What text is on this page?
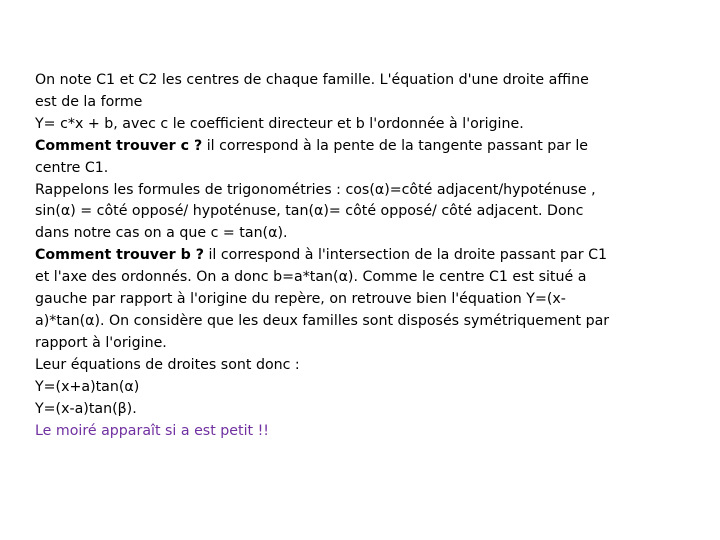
On note C1 et C2 les centres de chaque famille. L'équation d'une droite affine
est de la forme
Y= c*x + b, avec c le coefficient directeur et b l'ordonnée à l'origine.
Comment trouver c ? il correspond à la pente de la tangente passant par le
centre C1.
Rappelons les formules de trigonométries : cos(α)=côté adjacent/hypoténuse ,
sin(α) = côté opposé/ hypoténuse, tan(α)= côté opposé/ côté adjacent. Donc
dans notre cas on a que c = tan(α).
Comment trouver b ? il correspond à l'intersection de la droite passant par C1
et l'axe des ordonnés. On a donc b=a*tan(α). Comme le centre C1 est situé a
gauche par rapport à l'origine du repère, on retrouve bien l'équation Y=(x-
a)*tan(α). On considère que les deux familles sont disposés symétriquement par
rapport à l'origine.
Leur équations de droites sont donc :
Y=(x+a)tan(α)
Y=(x-a)tan(β).
Le moiré apparaît si a est petit !!
